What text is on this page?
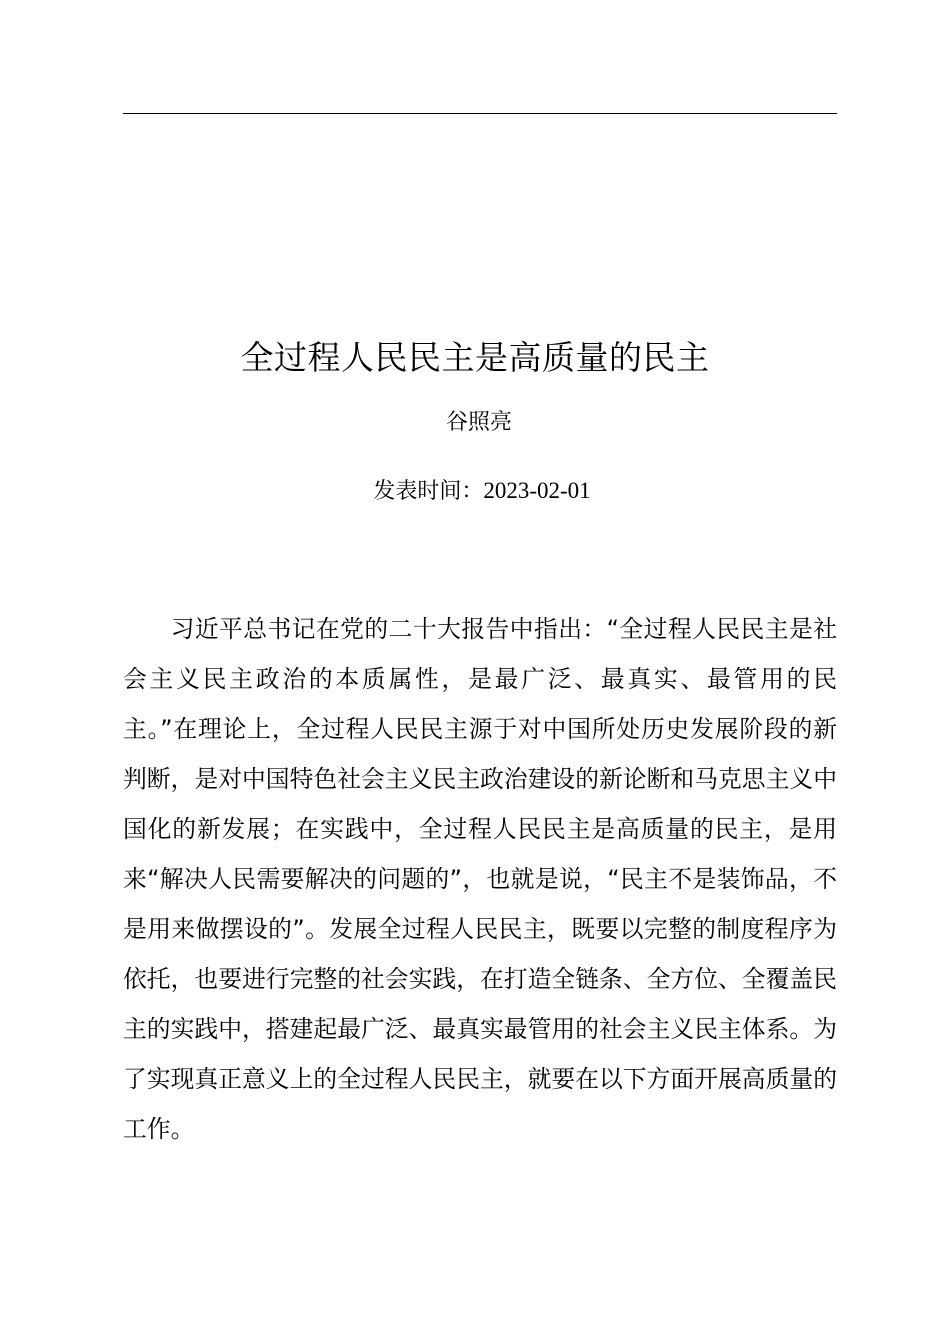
全过程人民民主是高质量的民主
谷照亮
发表时间：2023-02-01

习近平总书记在党的二十大报告中指出：“全过程人民民主是社会主义民主政治的本质属性，是最广泛、最真实、最管用的民主。”在理论上，全过程人民民主源于对中国所处历史发展阶段的新判断，是对中国特色社会主义民主政治建设的新论断和马克思主义中国化的新发展；在实践中，全过程人民民主是高质量的民主，是用来“解决人民需要解决的问题的”，也就是说，“民主不是装饰品，不是用来做摆设的”。发展全过程人民民主，既要以完整的制度程序为依托，也要进行完整的社会实践，在打造全链条、全方位、全覆盖民主的实践中，搭建起最广泛、最真实最管用的社会主义民主体系。为了实现真正意义上的全过程人民民主，就要在以下方面开展高质量的工作。
